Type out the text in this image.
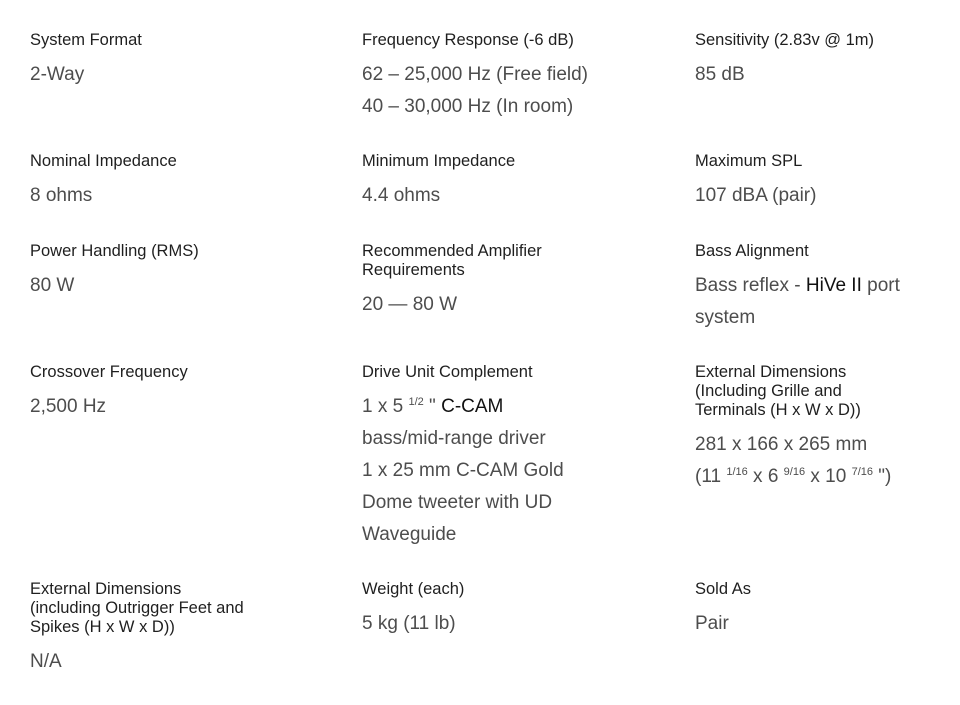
System Format
2-Way
Frequency Response (-6 dB)
62 – 25,000 Hz (Free field)
40 – 30,000 Hz (In room)
Sensitivity (2.83v @ 1m)
85 dB
Nominal Impedance
8 ohms
Minimum Impedance
4.4 ohms
Maximum SPL
107 dBA (pair)
Power Handling (RMS)
80 W
Recommended Amplifier
Requirements
20 — 80 W
Bass Alignment
Bass reflex - HiVe II port
system
Crossover Frequency
2,500 Hz
Drive Unit Complement
1 x 5 $^{1/2}$ " C-CAM
bass/mid-range driver
1 x 25 mm C-CAM Gold
Dome tweeter with UD
Waveguide
External Dimensions
(Including Grille and
Terminals (H x W x D))
281 x 166 x 265 mm
(11 $^{1/16}$ x 6 $^{9/16}$ x 10 $^{7/16}$ ")
External Dimensions
(including Outrigger Feet and
Spikes (H x W x D))
N/A
Weight (each)
5 kg (11 lb)
Sold As
Pair
